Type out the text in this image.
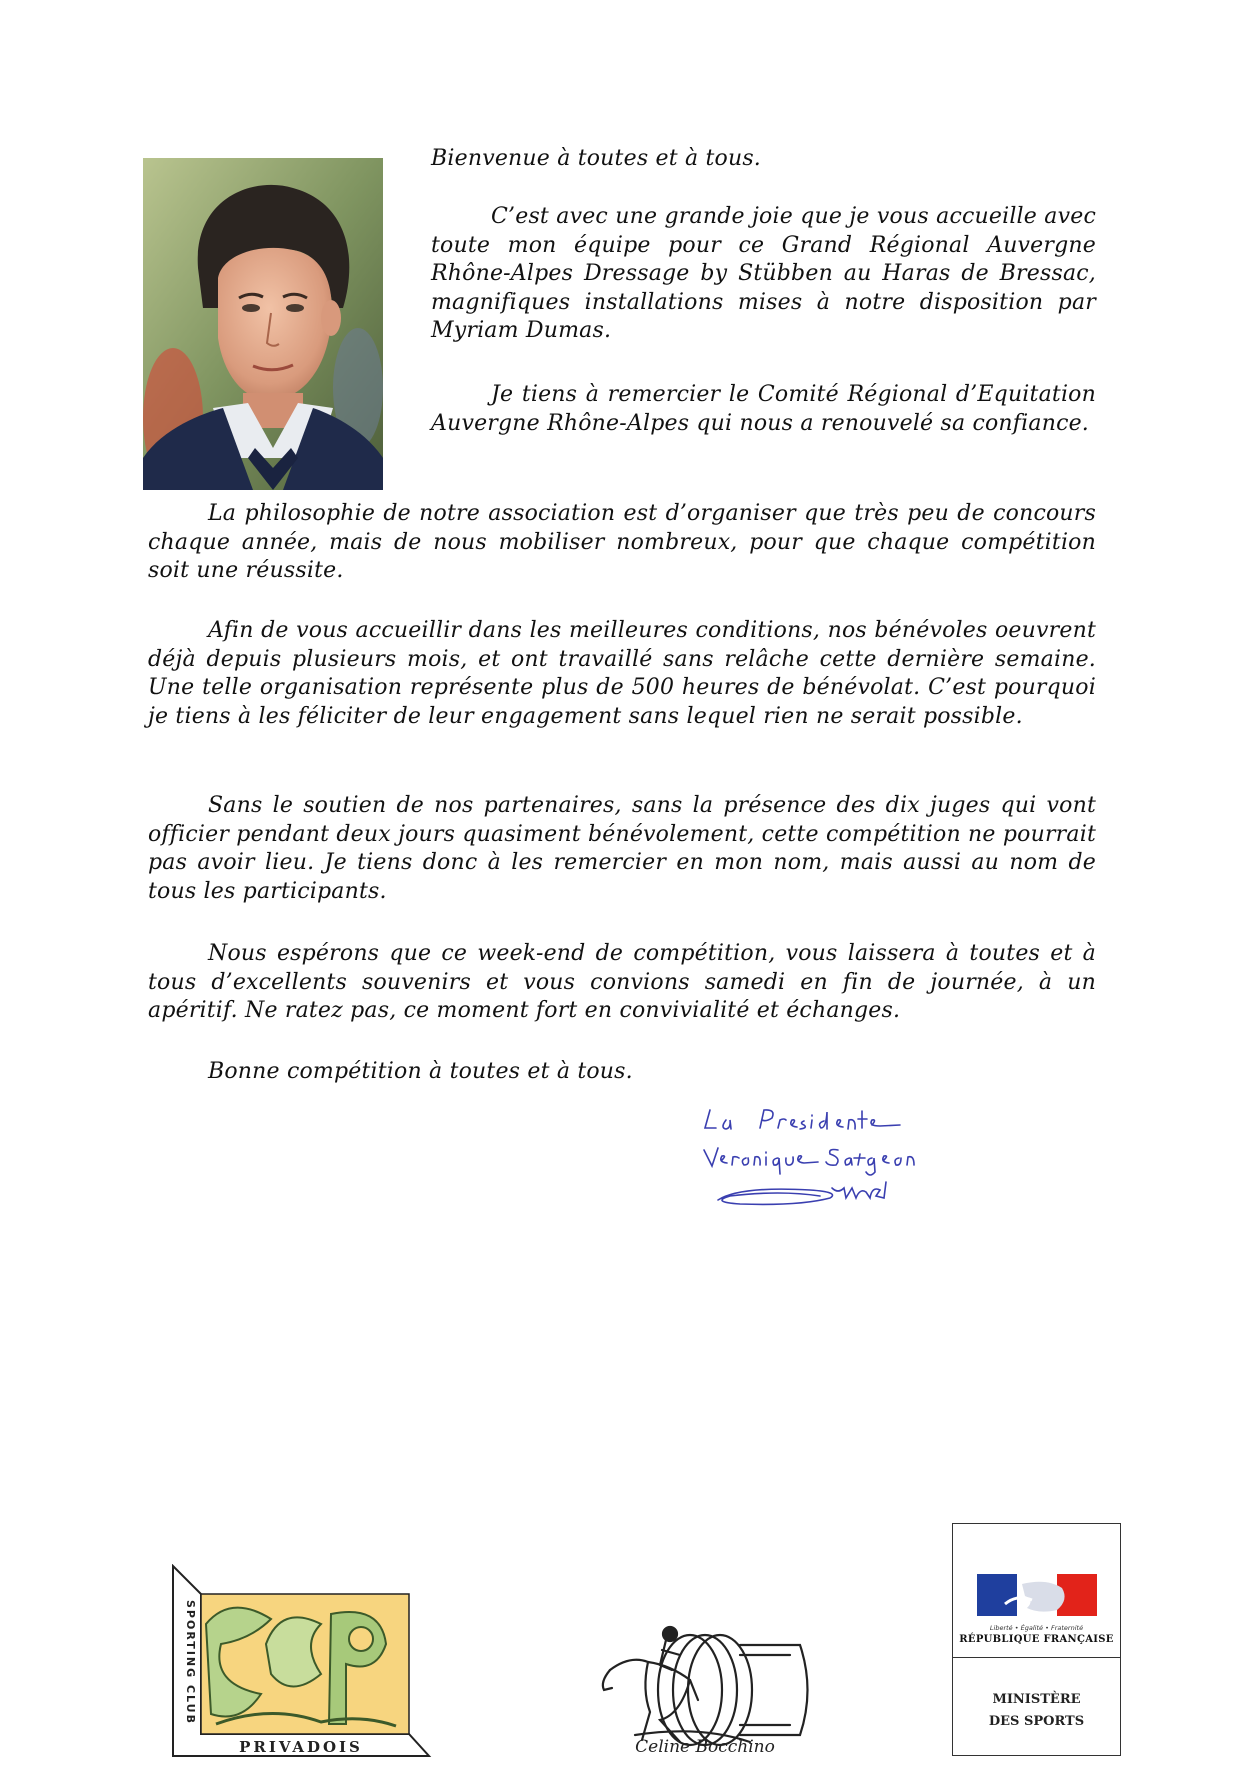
Bienvenue à toutes et à tous.

C’est avec une grande joie que je vous accueille avec toute mon équipe pour ce Grand Régional Auvergne Rhône-Alpes Dressage by Stübben au Haras de Bressac, magnifiques installations mises à notre disposition par Myriam Dumas.

Je tiens à remercier le Comité Régional d’Equitation Auvergne Rhône-Alpes qui nous a renouvelé sa confiance.

La philosophie de notre association est d’organiser que très peu de concours chaque année, mais de nous mobiliser nombreux, pour que chaque compétition soit une réussite.

Afin de vous accueillir dans les meilleures conditions, nos bénévoles oeuvrent déjà depuis plusieurs mois, et ont travaillé sans relâche cette dernière semaine. Une telle organisation représente plus de 500 heures de bénévolat. C’est pourquoi je tiens à les féliciter de leur engagement sans lequel rien ne serait possible.

Sans le soutien de nos partenaires, sans la présence des dix juges qui vont officier pendant deux jours quasiment bénévolement, cette compétition ne pourrait pas avoir lieu. Je tiens donc à les remercier en mon nom, mais aussi au nom de tous les participants.

Nous espérons que ce week-end de compétition, vous laissera à toutes et à tous d’excellents souvenirs et vous convions samedi en fin de journée, à un apéritif. Ne ratez pas, ce moment fort en convivialité et échanges.

Bonne compétition à toutes et à tous.

SPORTING CLUB
PRIVADOIS	Celine Bocchino
Liberté • Égalité • Fraternité
RÉPUBLIQUE FRANÇAISE
MINISTÈRE
DES SPORTS
